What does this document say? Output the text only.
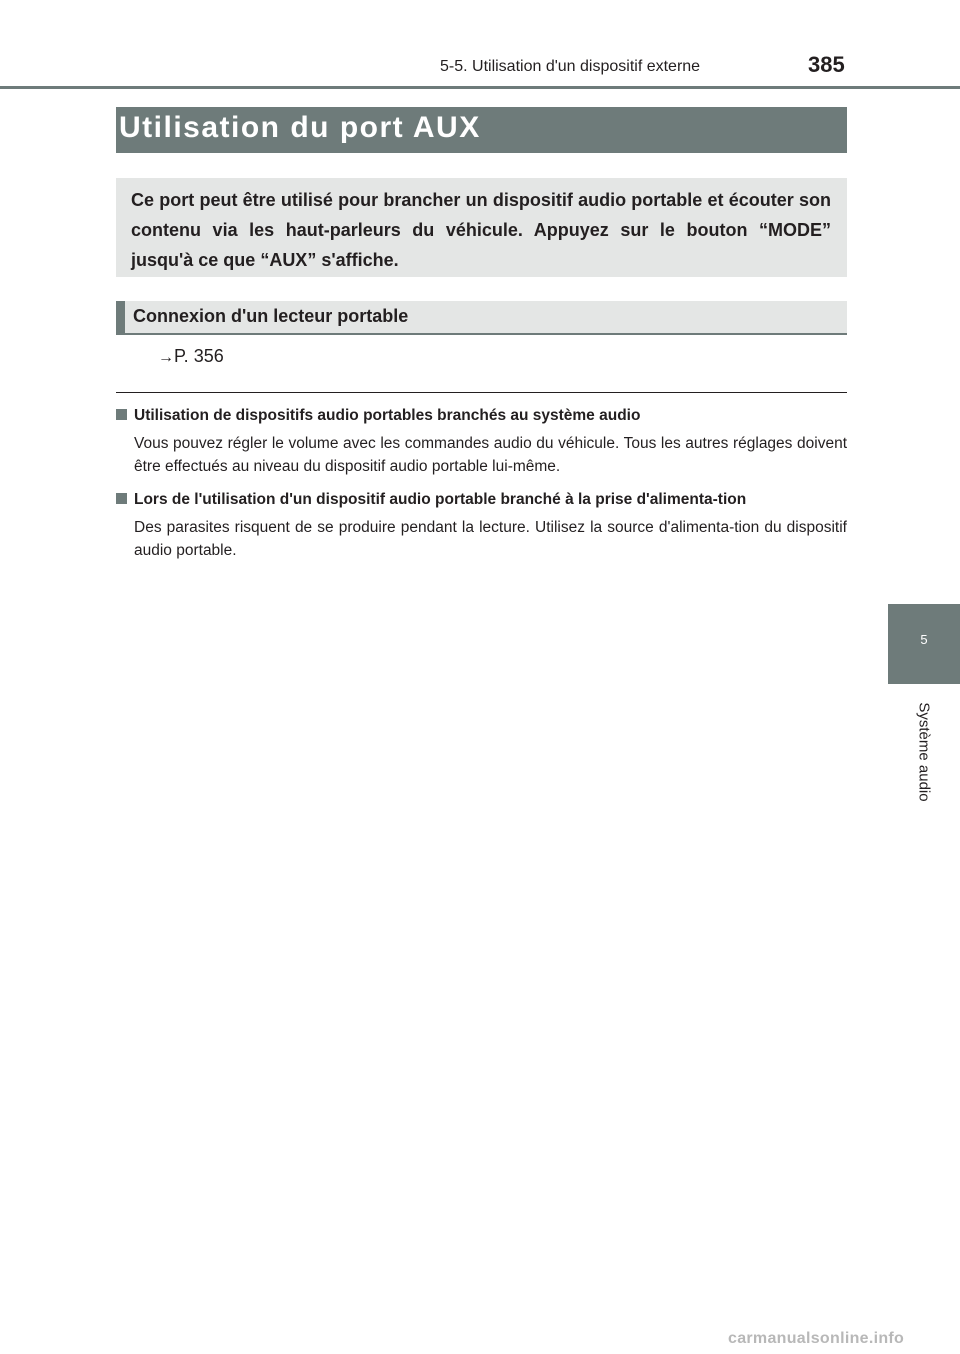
5-5. Utilisation d'un dispositif externe	385
Utilisation du port AUX
Ce port peut être utilisé pour brancher un dispositif audio portable et écouter son contenu via les haut-parleurs du véhicule. Appuyez sur le bouton “MODE” jusqu'à ce que “AUX” s'affiche.
Connexion d'un lecteur portable
→P. 356
Utilisation de dispositifs audio portables branchés au système audio
Vous pouvez régler le volume avec les commandes audio du véhicule. Tous les autres réglages doivent être effectués au niveau du dispositif audio portable lui-même.
Lors de l'utilisation d'un dispositif audio portable branché à la prise d'alimenta-tion
Des parasites risquent de se produire pendant la lecture. Utilisez la source d'alimenta-tion du dispositif audio portable.
5
Système audio
carmanualsonline.info
